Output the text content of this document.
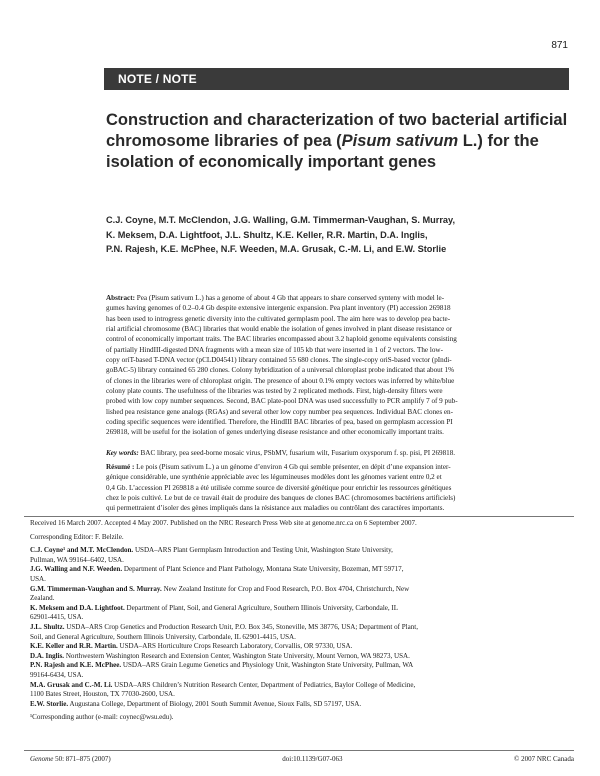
871
NOTE / NOTE
Construction and characterization of two bacterial artificial chromosome libraries of pea (Pisum sativum L.) for the isolation of economically important genes
C.J. Coyne, M.T. McClendon, J.G. Walling, G.M. Timmerman-Vaughan, S. Murray,
K. Meksem, D.A. Lightfoot, J.L. Shultz, K.E. Keller, R.R. Martin, D.A. Inglis,
P.N. Rajesh, K.E. McPhee, N.F. Weeden, M.A. Grusak, C.-M. Li, and E.W. Storlie
Abstract: Pea (Pisum sativum L.) has a genome of about 4 Gb that appears to share conserved synteny with model le-
gumes having genomes of 0.2–0.4 Gb despite extensive intergenic expansion. Pea plant inventory (PI) accession 269818
has been used to introgress genetic diversity into the cultivated germplasm pool. The aim here was to develop pea bacte-
rial artificial chromosome (BAC) libraries that would enable the isolation of genes involved in plant disease resistance or
control of economically important traits. The BAC libraries encompassed about 3.2 haploid genome equivalents consisting
of partially HindIII-digested DNA fragments with a mean size of 105 kb that were inserted in 1 of 2 vectors. The low-
copy oriT-based T-DNA vector (pCLD04541) library contained 55 680 clones. The single-copy oriS-based vector (pIndi-
goBAC-5) library contained 65 280 clones. Colony hybridization of a universal chloroplast probe indicated that about 1%
of clones in the libraries were of chloroplast origin. The presence of about 0.1% empty vectors was inferred by white/blue
colony plate counts. The usefulness of the libraries was tested by 2 replicated methods. First, high-density filters were
probed with low copy number sequences. Second, BAC plate-pool DNA was used successfully to PCR amplify 7 of 9 pub-
lished pea resistance gene analogs (RGAs) and several other low copy number pea sequences. Individual BAC clones en-
coding specific sequences were identified. Therefore, the HindIII BAC libraries of pea, based on germplasm accession PI
269818, will be useful for the isolation of genes underlying disease resistance and other economically important traits.
Key words: BAC library, pea seed-borne mosaic virus, PSbMV, fusarium wilt, Fusarium oxysporum f. sp. pisi, PI 269818.
Résumé : Le pois (Pisum sativum L.) a un génome d’environ 4 Gb qui semble présenter, en dépit d’une expansion inter-
génique considérable, une synthénie appréciable avec les légumineuses modèles dont les génomes varient entre 0,2 et
0,4 Gb. L’accession PI 269818 a été utilisée comme source de diversité génétique pour enrichir les ressources génétiques
chez le pois cultivé. Le but de ce travail était de produire des banques de clones BAC (chromosomes bactériens artificiels)
qui permettraient d’isoler des gènes impliqués dans la résistance aux maladies ou contrôlant des caractères importants.
Received 16 March 2007. Accepted 4 May 2007. Published on the NRC Research Press Web site at genome.nrc.ca on 6 September 2007.
Corresponding Editor: F. Belzile.
C.J. Coyne¹ and M.T. McClendon. USDA–ARS Plant Germplasm Introduction and Testing Unit, Washington State University,
Pullman, WA 99164–6402, USA.
J.G. Walling and N.F. Weeden. Department of Plant Science and Plant Pathology, Montana State University, Bozeman, MT 59717,
USA.
G.M. Timmerman-Vaughan and S. Murray. New Zealand Institute for Crop and Food Research, P.O. Box 4704, Christchurch, New
Zealand.
K. Meksem and D.A. Lightfoot. Department of Plant, Soil, and General Agriculture, Southern Illinois University, Carbondale, IL
62901-4415, USA.
J.L. Shultz. USDA–ARS Crop Genetics and Production Research Unit, P.O. Box 345, Stoneville, MS 38776, USA; Department of Plant,
Soil, and General Agriculture, Southern Illinois University, Carbondale, IL 62901-4415, USA.
K.E. Keller and R.R. Martin. USDA–ARS Horticulture Crops Research Laboratory, Corvallis, OR 97330, USA.
D.A. Inglis. Northwestern Washington Research and Extension Center, Washington State University, Mount Vernon, WA 98273, USA.
P.N. Rajesh and K.E. McPhee. USDA–ARS Grain Legume Genetics and Physiology Unit, Washington State University, Pullman, WA
99164-6434, USA.
M.A. Grusak and C.-M. Li. USDA–ARS Children’s Nutrition Research Center, Department of Pediatrics, Baylor College of Medicine,
1100 Bates Street, Houston, TX 77030-2600, USA.
E.W. Storlie. Augustana College, Department of Biology, 2001 South Summit Avenue, Sioux Falls, SD 57197, USA.
¹Corresponding author (e-mail: coynec@wsu.edu).
Genome 50: 871–875 (2007)	doi:10.1139/G07-063	© 2007 NRC Canada
